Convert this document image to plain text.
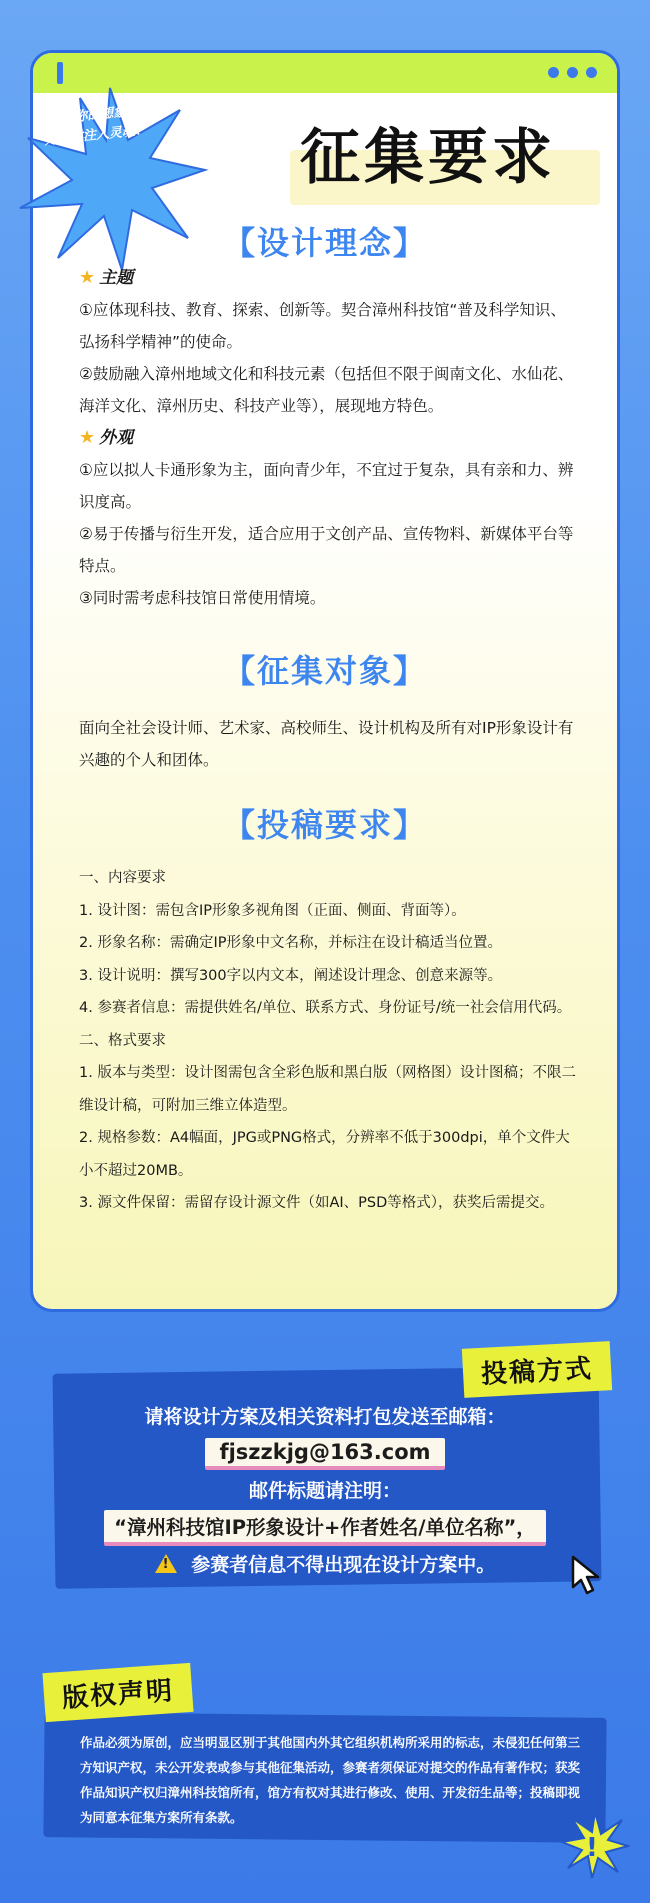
开启你的想象，
为科学注入灵魂！	征集要求
【设计理念】
★ 主题

①应体现科技、教育、探索、创新等。契合漳州科技馆“普及科学知识、弘扬科学精神”的使命。

②鼓励融入漳州地域文化和科技元素（包括但不限于闽南文化、水仙花、海洋文化、漳州历史、科技产业等），展现地方特色。

★ 外观

①应以拟人卡通形象为主，面向青少年，不宜过于复杂，具有亲和力、辨识度高。

②易于传播与衍生开发，适合应用于文创产品、宣传物料、新媒体平台等特点。

③同时需考虑科技馆日常使用情境。

【征集对象】

面向全社会设计师、艺术家、高校师生、设计机构及所有对IP形象设计有兴趣的个人和团体。

【投稿要求】

一、内容要求

1. 设计图：需包含IP形象多视角图（正面、侧面、背面等）。

2. 形象名称：需确定IP形象中文名称，并标注在设计稿适当位置。

3. 设计说明：撰写300字以内文本，阐述设计理念、创意来源等。

4. 参赛者信息：需提供姓名/单位、联系方式、身份证号/统一社会信用代码。

二、格式要求

1. 版本与类型：设计图需包含全彩色版和黑白版（网格图）设计图稿；不限二维设计稿，可附加三维立体造型。

2. 规格参数：A4幅面，JPG或PNG格式，分辨率不低于300dpi，单个文件大小不超过20MB。

3. 源文件保留：需留存设计源文件（如AI、PSD等格式），获奖后需提交。

投稿方式
请将设计方案及相关资料打包发送至邮箱：
fjszzkjg@163.com
邮件标题请注明：
“漳州科技馆IP形象设计+作者姓名/单位名称”，
! 参赛者信息不得出现在设计方案中。
版权声明
作品必须为原创，应当明显区别于其他国内外其它组织机构所采用的标志，未侵犯任何第三方知识产权，未公开发表或参与其他征集活动，参赛者须保证对提交的作品有著作权；获奖作品知识产权归漳州科技馆所有，馆方有权对其进行修改、使用、开发衍生品等；投稿即视为同意本征集方案所有条款。
!
